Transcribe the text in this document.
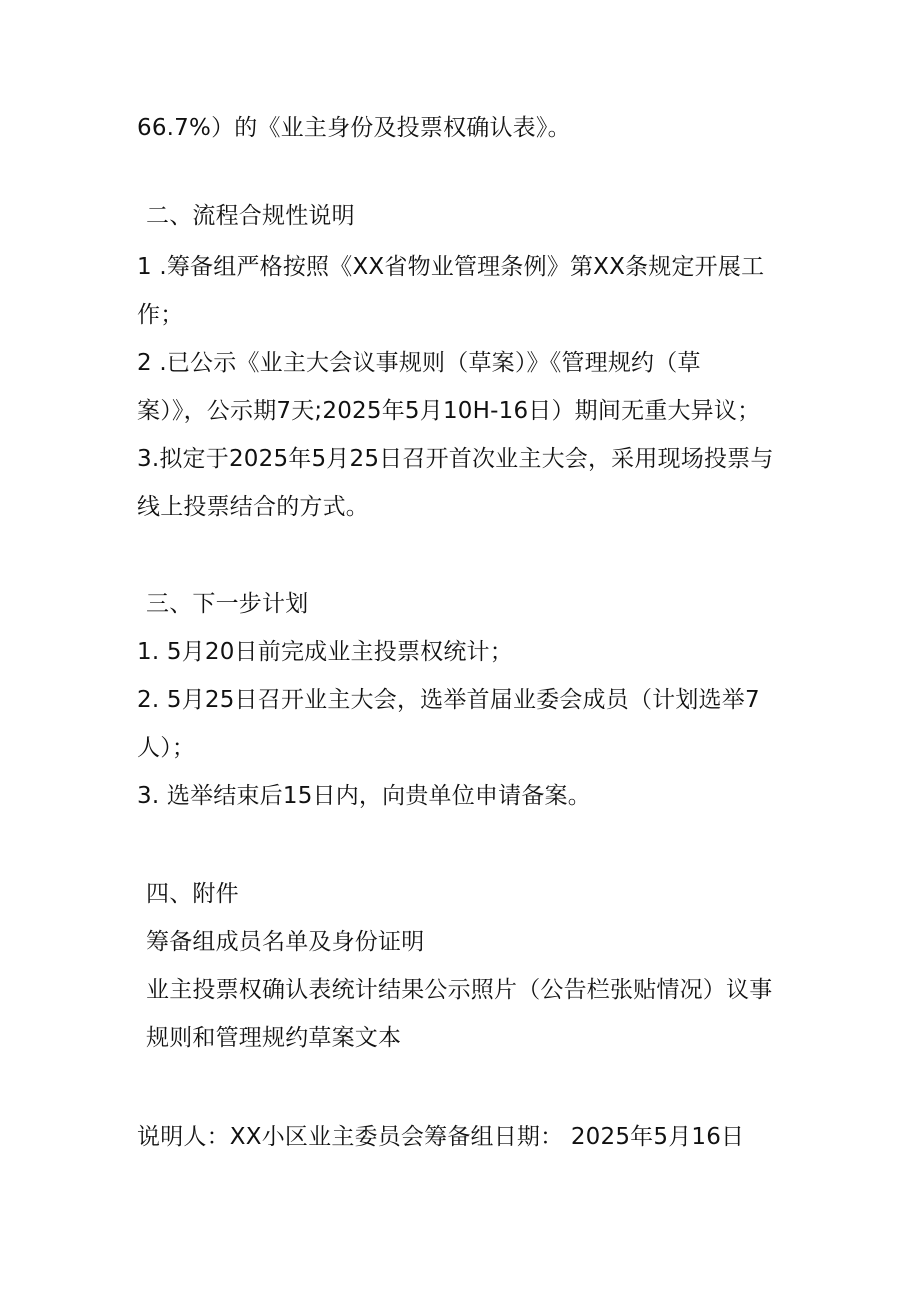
66.7%）的《业主身份及投票权确认表》。
二、流程合规性说明
1 .筹备组严格按照《XX省物业管理条例》第XX条规定开展工
作；
2 .已公示《业主大会议事规则（草案）》《管理规约（草
案）》，公示期7天;2025年5月10H-16日）期间无重大异议；
3.拟定于2025年5月25日召开首次业主大会，采用现场投票与
线上投票结合的方式。
三、下一步计划
1. 5月20日前完成业主投票权统计；
2. 5月25日召开业主大会，选举首届业委会成员（计划选举7
人）；
3. 选举结束后15日内，向贵单位申请备案。
四、附件
筹备组成员名单及身份证明
业主投票权确认表统计结果公示照片（公告栏张贴情况）议事
规则和管理规约草案文本
说明人：XX小区业主委员会筹备组日期： 2025年5月16日
